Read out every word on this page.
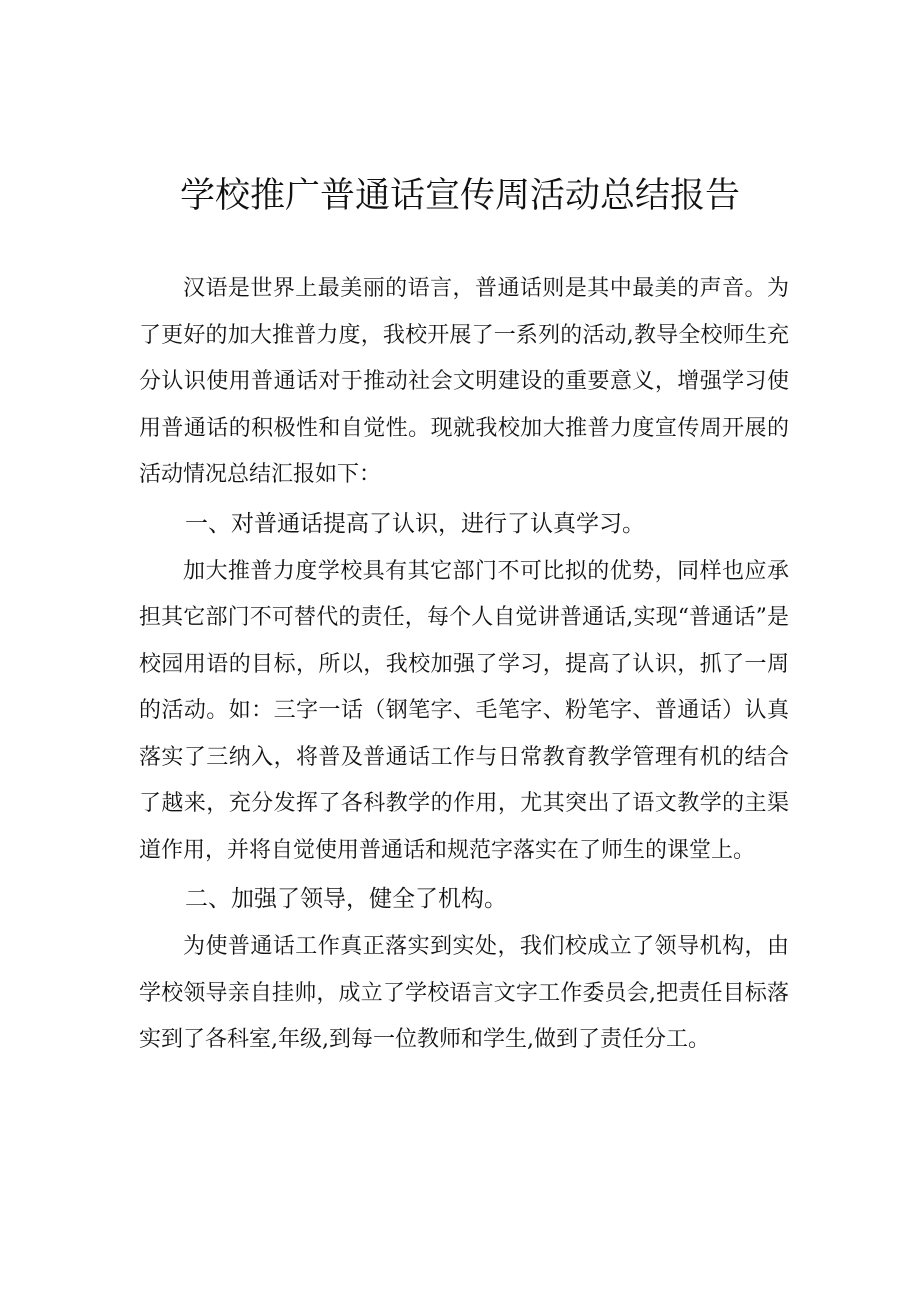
学校推广普通话宣传周活动总结报告

汉语是世界上最美丽的语言，普通话则是其中最美的声音。为了更好的加大推普力度，我校开展了一系列的活动,教导全校师生充分认识使用普通话对于推动社会文明建设的重要意义，增强学习使用普通话的积极性和自觉性。现就我校加大推普力度宣传周开展的活动情况总结汇报如下：

一、对普通话提高了认识，进行了认真学习。

加大推普力度学校具有其它部门不可比拟的优势，同样也应承担其它部门不可替代的责任，每个人自觉讲普通话,实现“普通话”是校园用语的目标，所以，我校加强了学习，提高了认识，抓了一周的活动。如：三字一话（钢笔字、毛笔字、粉笔字、普通话）认真落实了三纳入，将普及普通话工作与日常教育教学管理有机的结合了越来，充分发挥了各科教学的作用，尤其突出了语文教学的主渠道作用，并将自觉使用普通话和规范字落实在了师生的课堂上。

二、加强了领导，健全了机构。

为使普通话工作真正落实到实处，我们校成立了领导机构，由学校领导亲自挂帅，成立了学校语言文字工作委员会,把责任目标落实到了各科室,年级,到每一位教师和学生,做到了责任分工。
